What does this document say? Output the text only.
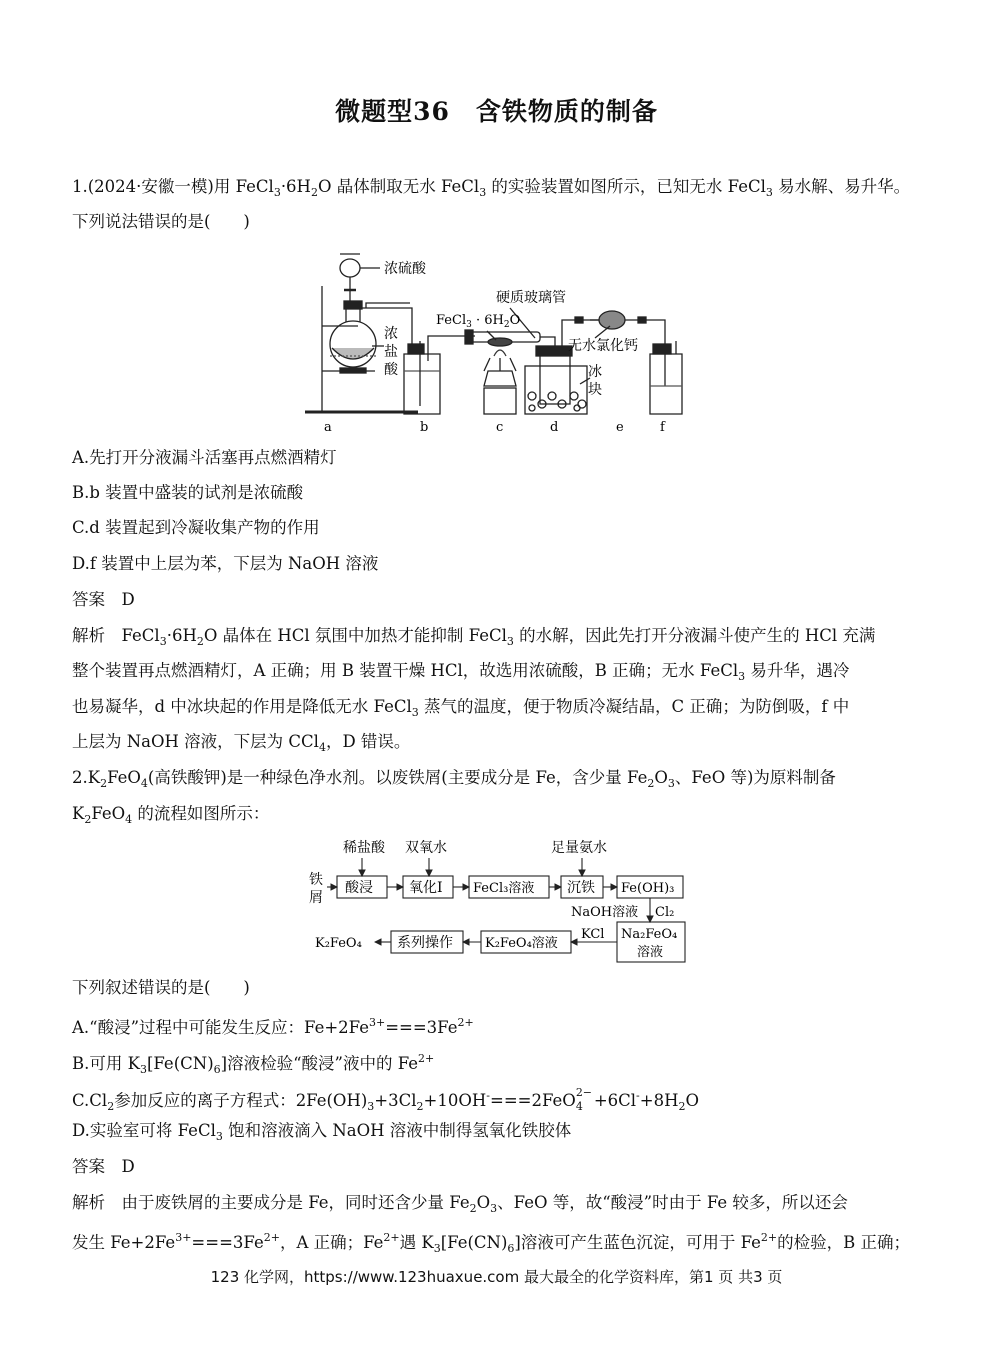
微题型36　含铁物质的制备
1.(2024·安徽一模)用 $FeCl_3\cdot 6H_2O$ 晶体制取无水 FeCl$_3$ 的实验装置如图所示，已知无水 FeCl$_3$ 易水解、易升华。
下列说法错误的是(　　)
浓硫酸
浓
盐
酸
硬质玻璃管
FeCl$_3$ · $6H_2O$
无水氯化钙
冰
块
a	b	c	d	e	f
A.先打开分液漏斗活塞再点燃酒精灯
B.b 装置中盛装的试剂是浓硫酸
C.d 装置起到冷凝收集产物的作用
D.f 装置中上层为苯，下层为 NaOH 溶液
答案　D
解析　$FeCl_3\cdot 6H_2O$ 晶体在 HCl 氛围中加热才能抑制 FeCl$_3$ 的水解，因此先打开分液漏斗使产生的 HCl 充满
整个装置再点燃酒精灯，A 正确；用 B 装置干燥 HCl，故选用浓硫酸，B 正确；无水 FeCl$_3$ 易升华，遇冷
也易凝华，d 中冰块起的作用是降低无水 FeCl$_3$ 蒸气的温度，便于物质冷凝结晶，C 正确；为防倒吸，f 中
上层为 NaOH 溶液，下层为 CCl$_4$，D 错误。
$2.K_2FeO_4$(高铁酸钾)是一种绿色净水剂。以废铁屑(主要成分是 Fe，含少量 $Fe_2O_3$、FeO 等)为原料制备
$K_2FeO_4$ 的流程如图所示：
稀盐酸 双氧水	足量氨水
铁
屑
酸浸	氧化Ⅰ FeCl₃溶液 沉铁 Fe(OH)₃
NaOH溶液 Cl₂
Na₂FeO₄
溶液
KCl
K₂FeO₄溶液
系列操作
K₂FeO₄
下列叙述错误的是(　　)
A.“酸浸”过程中可能发生反应：$Fe+2Fe^{3+}===3Fe^{2+}$
B.可用 $K_3[Fe(CN)_6]$溶液检验“酸浸”液中的 $Fe^{2+}$
$C.Cl_2$参加反应的离子方程式：$2Fe(OH)_3+3Cl_2+10OH^-===2FeO$ 2−
$4 +6Cl^-+8H_2O$
D.实验室可将 FeCl$_3$ 饱和溶液滴入 NaOH 溶液中制得氢氧化铁胶体
答案　D
解析　由于废铁屑的主要成分是 Fe，同时还含少量 $Fe_2O_3$、FeO 等，故“酸浸”时由于 Fe 较多，所以还会
发生 $Fe+2Fe^{3+}===3Fe^{2+}$，A 正确；$Fe^{2+}$遇 $K_3[Fe(CN)_6]$溶液可产生蓝色沉淀，可用于 $Fe^{2+}$的检验，B 正确；
123 化学网，https://www.123huaxue.com 最大最全的化学资料库，第1 页 共3 页
